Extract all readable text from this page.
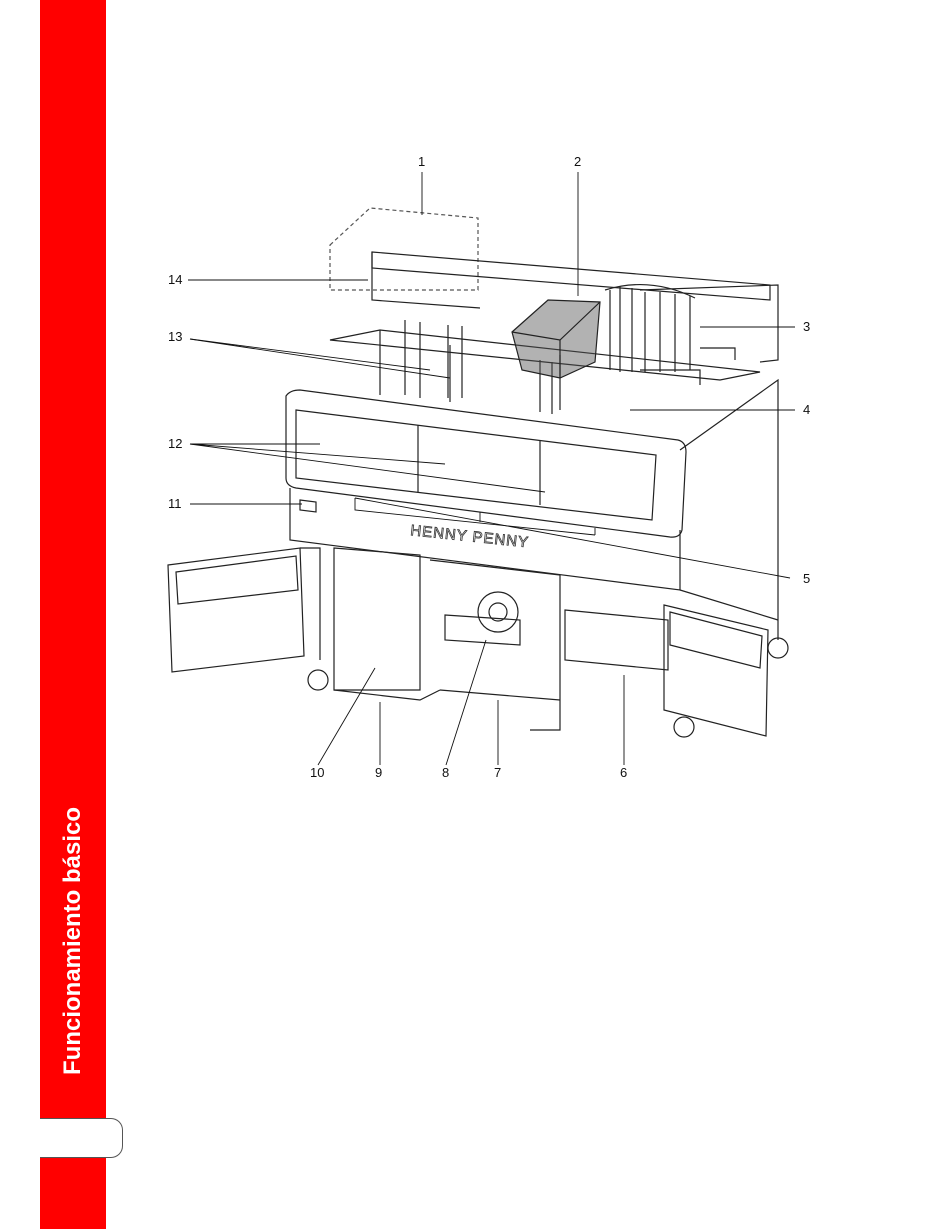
Funcionamiento básico
HENNY PENNY
1	2
3
4
5
6
7
8
9
10
11
12
13
14
